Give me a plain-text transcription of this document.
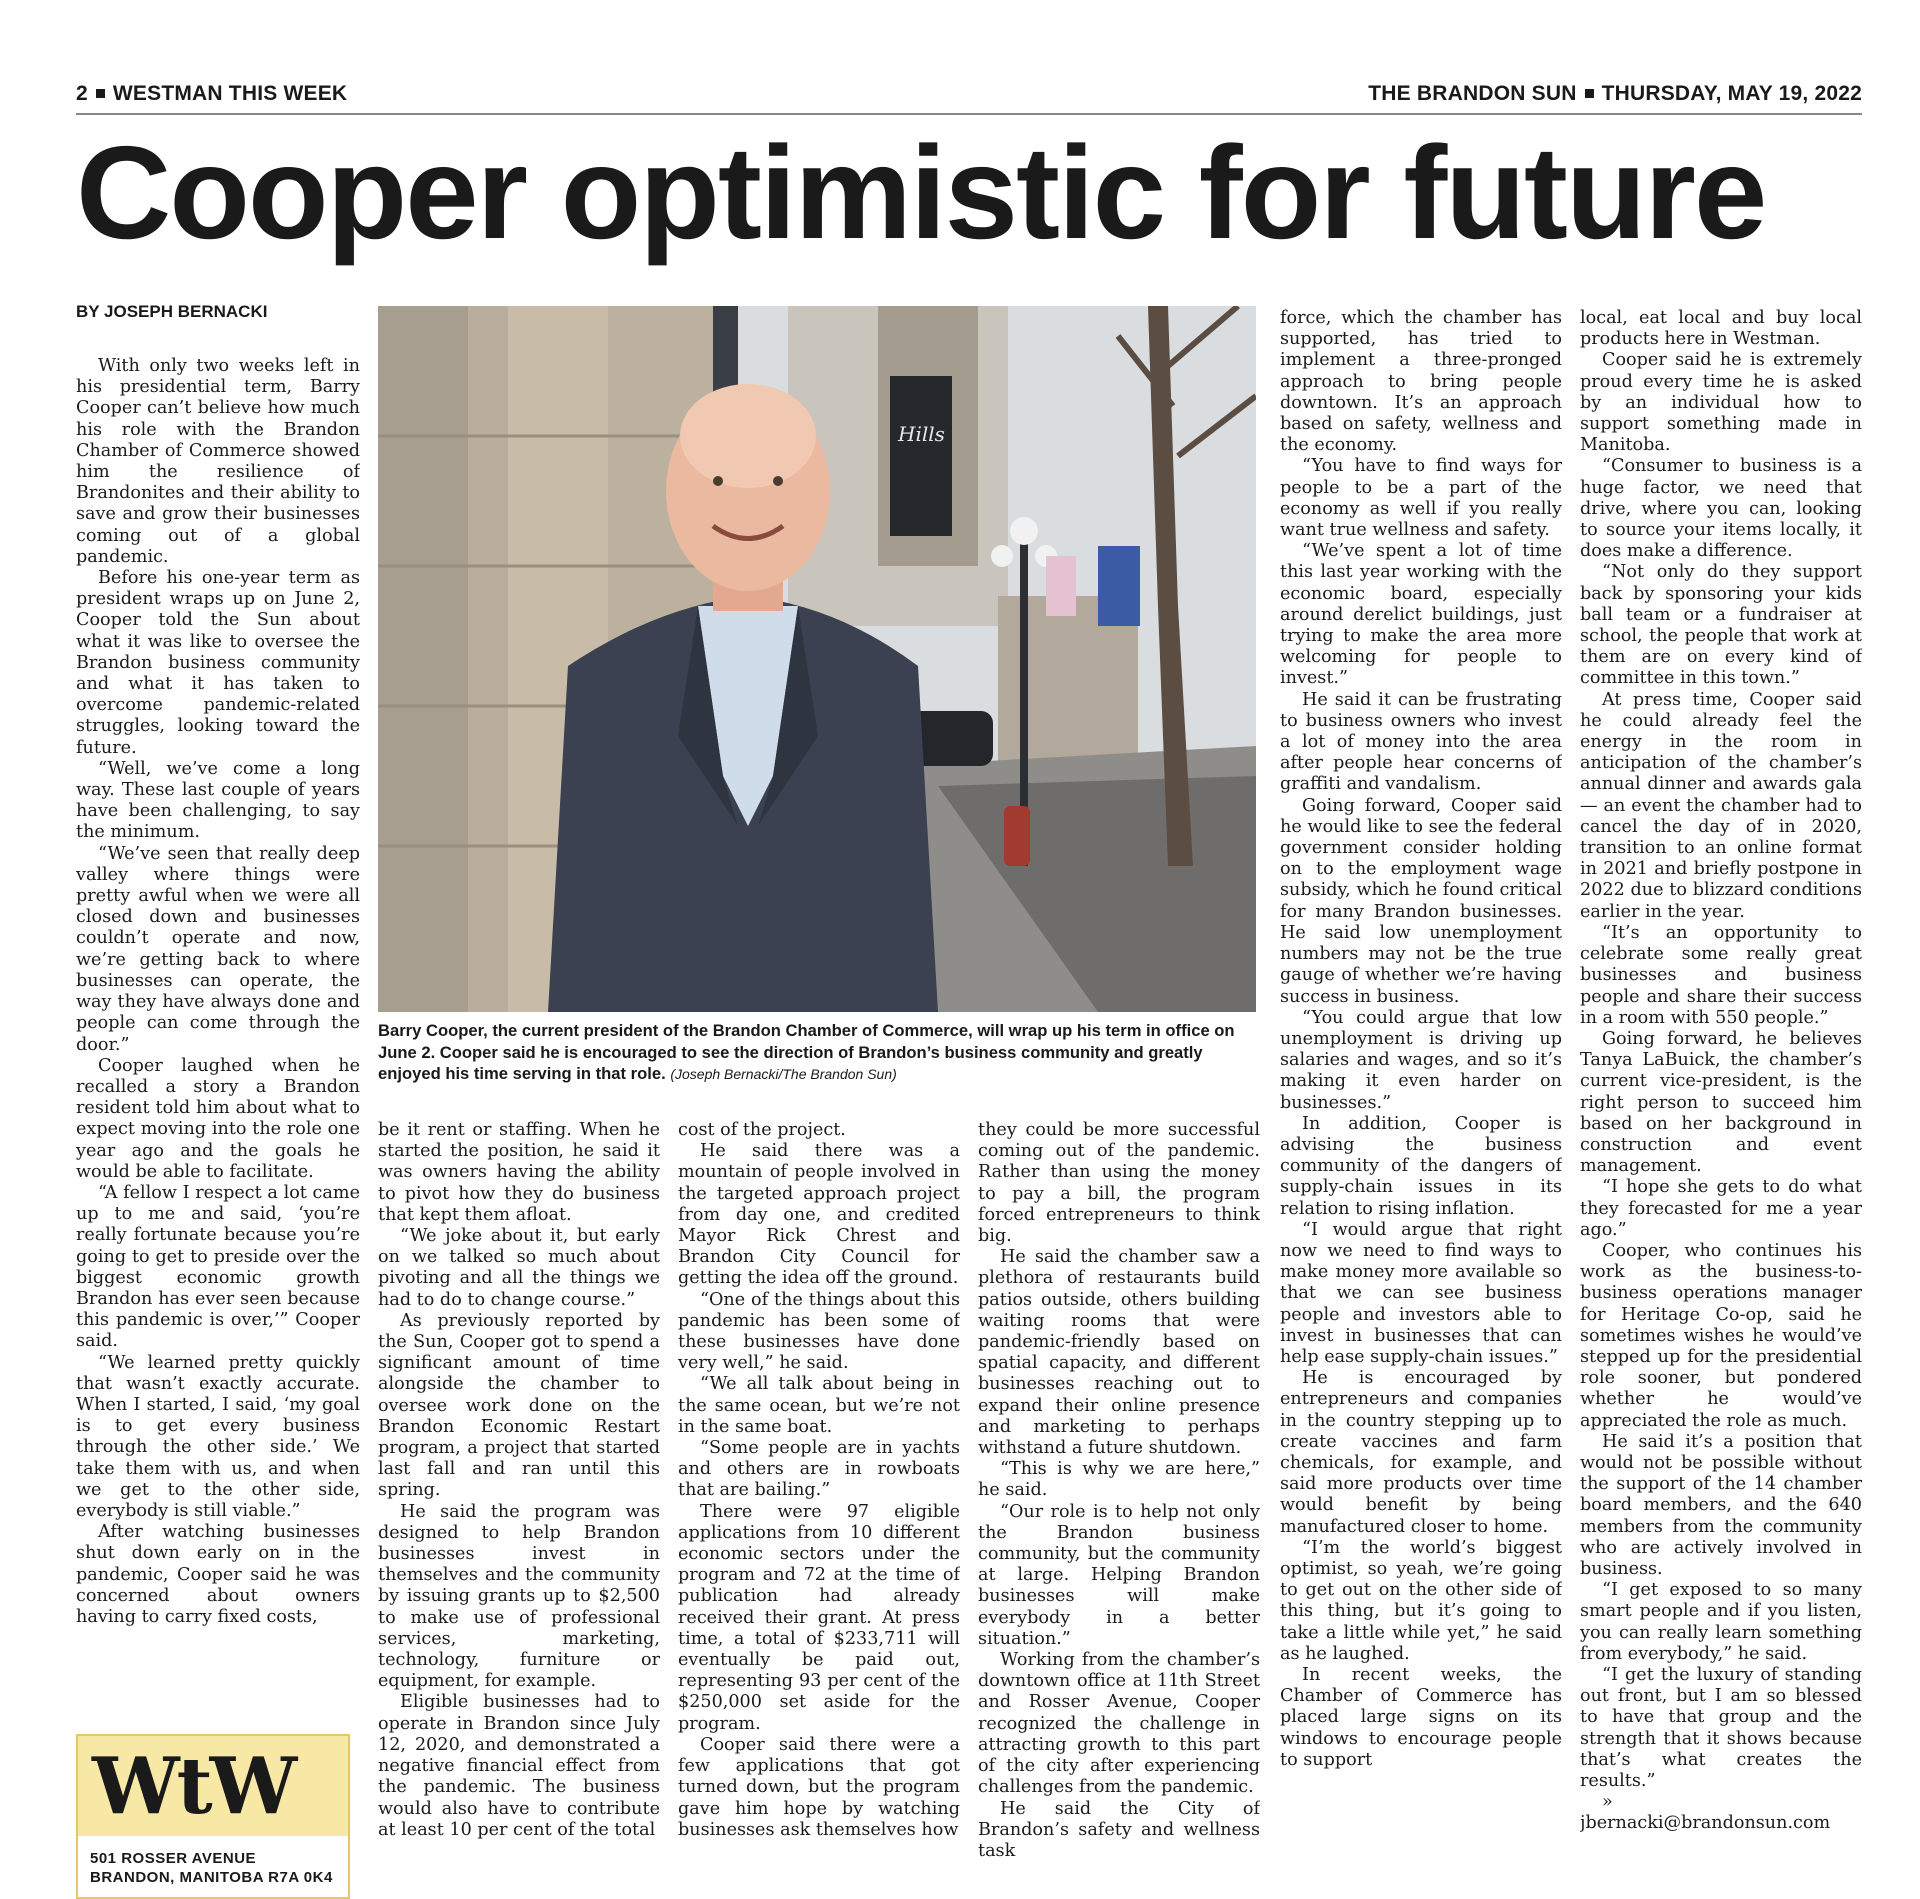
2 WESTMAN THIS WEEK	THE BRANDON SUN THURSDAY, MAY 19, 2022
Cooper optimistic for future
BY JOSEPH BERNACKI

With only two weeks left in his presidential term, Barry Cooper can’t believe how much his role with the Brandon Chamber of Commerce showed him the resilience of Brandonites and their ability to save and grow their businesses coming out of a global pandemic.

Before his one-year term as president wraps up on June 2, Cooper told the Sun about what it was like to oversee the Brandon business community and what it has taken to overcome pandemic-related struggles, looking toward the future.

“Well, we’ve come a long way. These last couple of years have been challenging, to say the minimum.

“We’ve seen that really deep valley where things were pretty awful when we were all closed down and businesses couldn’t operate and now, we’re getting back to where businesses can operate, the way they have always done and people can come through the door.”

Cooper laughed when he recalled a story a Brandon resident told him about what to expect moving into the role one year ago and the goals he would be able to facilitate.

“A fellow I respect a lot came up to me and said, ‘you’re really fortunate because you’re going to get to preside over the biggest economic growth Brandon has ever seen because this pandemic is over,’” Cooper said.

“We learned pretty quickly that wasn’t exactly accurate. When I started, I said, ‘my goal is to get every business through the other side.’ We take them with us, and when we get to the other side, everybody is still viable.”

After watching businesses shut down early on in the pandemic, Cooper said he was concerned about owners having to carry fixed costs,

be it rent or staffing. When he started the position, he said it was owners having the ability to pivot how they do business that kept them afloat.

“We joke about it, but early on we talked so much about pivoting and all the things we had to do to change course.”

As previously reported by the Sun, Cooper got to spend a significant amount of time alongside the chamber to oversee work done on the Brandon Economic Restart program, a project that started last fall and ran until this spring.

He said the program was designed to help Brandon businesses invest in themselves and the community by issuing grants up to $2,500 to make use of professional services, marketing, technology, furniture or equipment, for example.

Eligible businesses had to operate in Brandon since July 12, 2020, and demonstrated a negative financial effect from the pandemic. The business would also have to contribute at least 10 per cent of the total

cost of the project.

He said there was a mountain of people involved in the targeted approach project from day one, and credited Mayor Rick Chrest and Brandon City Council for getting the idea off the ground.

“One of the things about this pandemic has been some of these businesses have done very well,” he said.

“We all talk about being in the same ocean, but we’re not in the same boat.

“Some people are in yachts and others are in rowboats that are bailing.”

There were 97 eligible applications from 10 different economic sectors under the program and 72 at the time of publication had already received their grant. At press time, a total of $233,711 will eventually be paid out, representing 93 per cent of the $250,000 set aside for the program.

Cooper said there were a few applications that got turned down, but the program gave him hope by watching businesses ask themselves how

they could be more successful coming out of the pandemic. Rather than using the money to pay a bill, the program forced entrepreneurs to think big.

He said the chamber saw a plethora of restaurants build patios outside, others building waiting rooms that were pandemic-friendly based on spatial capacity, and different businesses reaching out to expand their online presence and marketing to perhaps withstand a future shutdown.

“This is why we are here,” he said.

“Our role is to help not only the Brandon business community, but the community at large. Helping Brandon businesses will make everybody in a better situation.”

Working from the chamber’s downtown office at 11th Street and Rosser Avenue, Cooper recognized the challenge in attracting growth to this part of the city after experiencing challenges from the pandemic.

He said the City of Brandon’s safety and wellness task

force, which the chamber has supported, has tried to implement a three-pronged approach to bring people downtown. It’s an approach based on safety, wellness and the economy.

“You have to find ways for people to be a part of the economy as well if you really want true wellness and safety.

“We’ve spent a lot of time this last year working with the economic board, especially around derelict buildings, just trying to make the area more welcoming for people to invest.”

He said it can be frustrating to business owners who invest a lot of money into the area after people hear concerns of graffiti and vandalism.

Going forward, Cooper said he would like to see the federal government consider holding on to the employment wage subsidy, which he found critical for many Brandon businesses. He said low unemployment numbers may not be the true gauge of whether we’re having success in business.

“You could argue that low unemployment is driving up salaries and wages, and so it’s making it even harder on businesses.”

In addition, Cooper is advising the business community of the dangers of supply-chain issues in its relation to rising inflation.

“I would argue that right now we need to find ways to make money more available so that we can see business people and investors able to invest in businesses that can help ease supply-chain issues.”

He is encouraged by entrepreneurs and companies in the country stepping up to create vaccines and farm chemicals, for example, and said more products over time would benefit by being manufactured closer to home.

“I’m the world’s biggest optimist, so yeah, we’re going to get out on the other side of this thing, but it’s going to take a little while yet,” he said as he laughed.

In recent weeks, the Chamber of Commerce has placed large signs on its windows to encourage people to support

local, eat local and buy local products here in Westman.

Cooper said he is extremely proud every time he is asked by an individual how to support something made in Manitoba.

“Consumer to business is a huge factor, we need that drive, where you can, looking to source your items locally, it does make a difference.

“Not only do they support back by sponsoring your kids ball team or a fundraiser at school, the people that work at them are on every kind of committee in this town.”

At press time, Cooper said he could already feel the energy in the room in anticipation of the chamber’s annual dinner and awards gala — an event the chamber had to cancel the day of in 2020, transition to an online format in 2021 and briefly postpone in 2022 due to blizzard conditions earlier in the year.

“It’s an opportunity to celebrate some really great businesses and business people and share their success in a room with 550 people.”

Going forward, he believes Tanya LaBuick, the chamber’s current vice-president, is the right person to succeed him based on her background in construction and event management.

“I hope she gets to do what they forecasted for me a year ago.”

Cooper, who continues his work as the business-to-business operations manager for Heritage Co-op, said he sometimes wishes he would’ve stepped up for the presidential role sooner, but pondered whether he would’ve appreciated the role as much.

He said it’s a position that would not be possible without the support of the 14 chamber board members, and the 640 members from the community who are actively involved in business.

“I get exposed to so many smart people and if you listen, you can really learn something from everybody,” he said.

“I get the luxury of standing out front, but I am so blessed to have that group and the strength that it shows because that’s what creates the results.”

» jbernacki@brandonsun.com

Hills
Barry Cooper, the current president of the Brandon Chamber of Commerce, will wrap up his term in office on June 2. Cooper said he is encouraged to see the direction of Brandon’s business community and greatly enjoyed his time serving in that role. (Joseph Bernacki/The Brandon Sun)
WtW
501 ROSSER AVENUE
BRANDON, MANITOBA R7A 0K4
